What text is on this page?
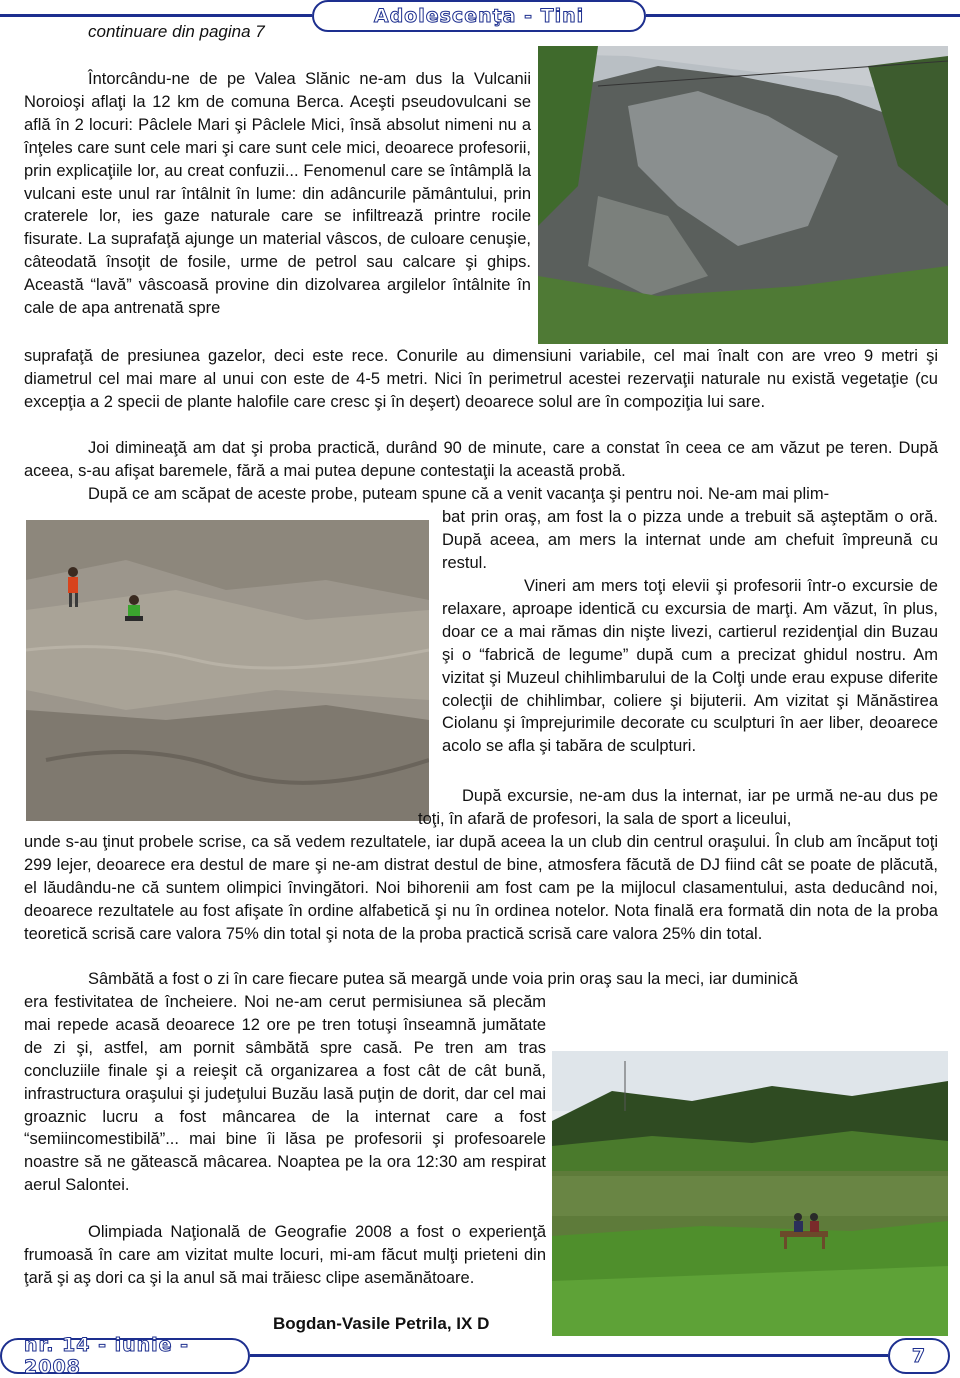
Adolescenţa - Tini
continuare din pagina 7

Întorcându-ne de pe Valea Slănic ne-am dus la Vulcanii Noroioşi aflaţi la 12 km de comuna Berca. Aceşti pseudovulcani se află în 2 locuri: Pâclele Mari şi Pâclele Mici, însă absolut nimeni nu a înţeles care sunt cele mari şi care sunt cele mici, deoarece profesorii, prin explicaţiile lor, au creat confuzii... Fenomenul care se întâmplă la vulcani este unul rar întâlnit în lume: din adâncurile pământului, prin craterele lor, ies gaze naturale care se infiltrează printre rocile fisurate. La suprafaţă ajunge un material vâscos, de culoare cenuşie, câteodată însoţit de fosile, urme de petrol sau calcare şi ghips. Această “lavă” vâscoasă provine din dizolvarea argilelor întâlnite în cale de apa antrenată spre

suprafaţă de presiunea gazelor, deci este rece. Conurile au dimensiuni variabile, cel mai înalt con are vreo 9 metri şi diametrul cel mai mare al unui con este de 4-5 metri. Nici în perimetrul acestei rezervaţii naturale nu există vegetaţie (cu excepţia a 2 specii de plante halofile care cresc şi în deşert) deoarece solul are în compoziţia lui sare.

Joi dimineaţă am dat şi proba practică, durând 90 de minute, care a constat în ceea ce am văzut pe teren. După aceea, s-au afişat baremele, fără a mai putea depune contestaţii la această probă.

După ce am scăpat de aceste probe, puteam spune că a venit vacanţa şi pentru noi. Ne-am mai plim-

bat prin oraş, am fost la o pizza unde a trebuit să aşteptăm o oră. După aceea, am mers la internat unde am chefuit împreună cu restul.

Vineri am mers toţi elevii şi profesorii într-o excursie de relaxare, aproape identică cu excursia de marţi. Am văzut, în plus, doar ce a mai rămas din nişte livezi, cartierul rezidenţial din Buzau şi o “fabrică de legume” după cum a precizat ghidul nostru. Am vizitat şi Muzeul chihlimbarului de la Colţi unde erau expuse diferite colecţii de chihlimbar, coliere şi bijuterii. Am vizitat şi Mănăstirea Ciolanu şi împrejurimile decorate cu sculpturi în aer liber, deoarece acolo se afla şi tabăra de sculpturi.

După excursie, ne-am dus la internat, iar pe urmă ne-au dus pe toţi, în afară de profesori, la sala de sport a liceului,

unde s-au ţinut probele scrise, ca să vedem rezultatele, iar după aceea la un club din centrul oraşului. În club am încăput toţi 299 lejer, deoarece era destul de mare şi ne-am distrat destul de bine, atmosfera făcută de DJ fiind cât se poate de plăcută, el lăudându-ne că suntem olimpici învingători. Noi bihorenii am fost cam pe la mijlocul clasamentului, asta deducând noi, deoarece rezultatele au fost afişate în ordine alfabetică şi nu în ordinea notelor. Nota finală era formată din nota de la proba teoretică scrisă care valora 75% din total şi nota de la proba practică scrisă care valora 25% din total.

Sâmbătă a fost o zi în care fiecare putea să meargă unde voia prin oraş sau la meci, iar duminică

era festivitatea de încheiere. Noi ne-am cerut permisiunea să plecăm mai repede acasă deoarece 12 ore pe tren totuşi înseamnă jumătate de zi şi, astfel, am pornit sâmbătă spre casă. Pe tren am tras concluziile finale şi a reieşit că organizarea a fost cât de cât bună, infrastructura oraşului şi judeţului Buzău lasă puţin de dorit, dar cel mai groaznic lucru a fost mâncarea de la internat care a fost “semiincomestibilă”... mai bine îi lăsa pe profesorii şi profesoarele noastre să ne gătească mâcarea. Noaptea pe la ora 12:30 am respirat aerul Salontei.

Olimpiada Naţională de Geografie 2008 a fost o experienţă frumoasă în care am vizitat multe locuri, mi-am făcut mulţi prieteni din ţară şi aş dori ca şi la anul să mai trăiesc clipe asemănătoare.

Bogdan-Vasile Petrila, IX D
nr. 14 - iunie - 2008	7
